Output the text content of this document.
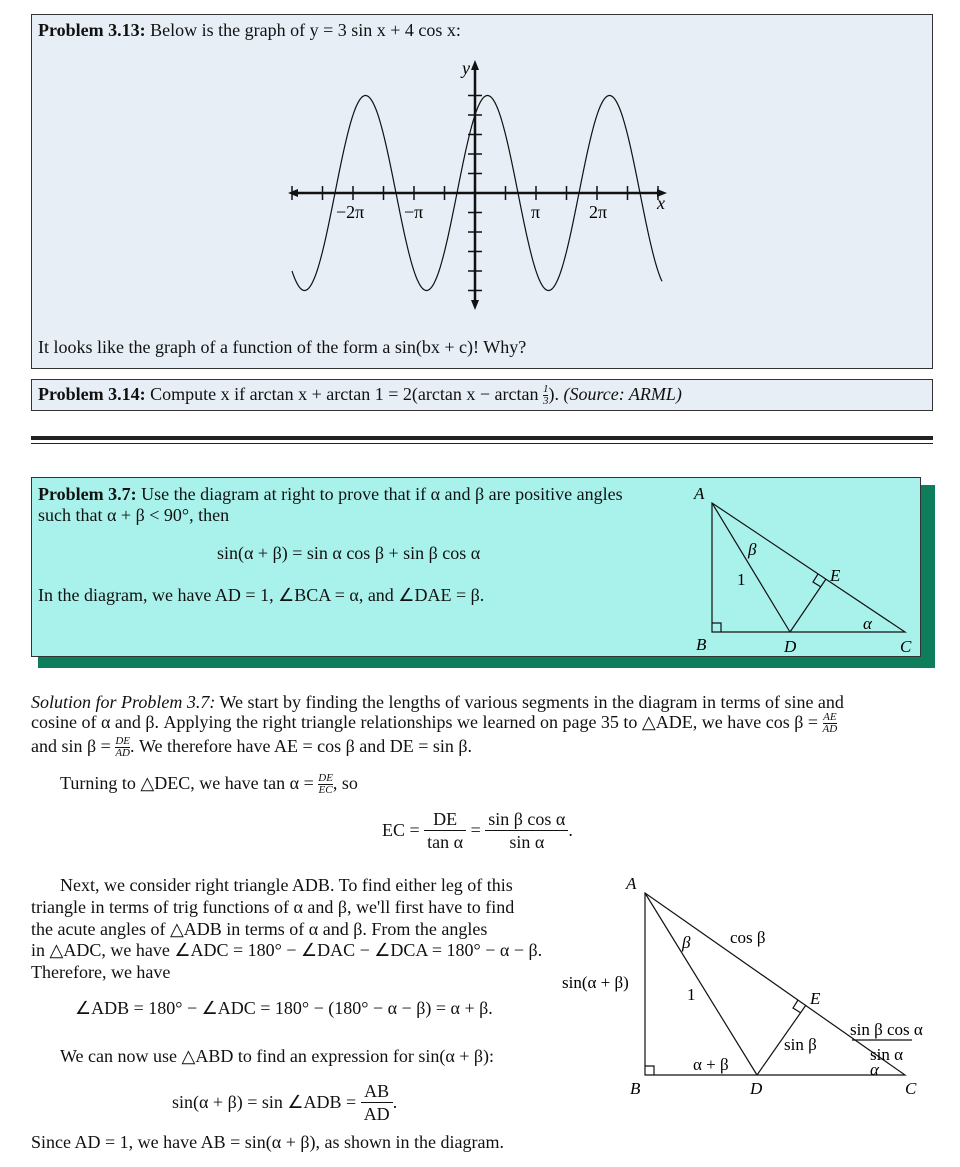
Problem 3.13: Below is the graph of y = 3 sin x + 4 cos x:
x
y
−2π −π	π	2π
It looks like the graph of a function of the form a sin(bx + c)! Why?
Problem 3.14: Compute x if arctan x + arctan 1 = 2(arctan $x - \arctan \frac{1}{3}$ ). (Source: ARML)
Problem 3.7: Use the diagram at right to prove that if α and β are positive angles
such that α + β < 90°, then
sin(α + β) = sin α cos β + sin β cos α
In the diagram, we have AD = 1, ∠BCA = α, and ∠DAE = β.
A
B	D	C
E
β
α
1
Solution for Problem 3.7: We start by finding the lengths of various segments in the diagram in terms of sine and
cosine of α and β. Applying the right triangle relationships we learned on page 35 to △ADE, we have $\cos \beta = \frac{AE}{AD}$
and $\sin \beta = \frac{DE}{AD}$ . We therefore have AE = cos β and DE = sin β.
Turning to △DEC, we have $\tan \alpha = \frac{DE}{EC}$ , so
EC = $\frac{DE}{\text{tan α}} = \frac{\text{sin β cos α}}{\text{sin α}}$ .
Next, we consider right triangle ADB. To find either leg of this
triangle in terms of trig functions of α and β, we'll first have to find
the acute angles of △ADB in terms of α and β. From the angles
in △ADC, we have ∠ADC = 180° − ∠DAC − ∠DCA = 180° − α − β.
Therefore, we have
∠ADB = 180° − ∠ADC = 180° − (180° − α − β) = α + β.
We can now use △ABD to find an expression for sin(α + β):
sin(α + β) = sin ∠ADB = $\frac{AB}{AD}$ .
Since AD = 1, we have AB = sin(α + β), as shown in the diagram.
A
B	D	C
E
β
α
1
cos β
sin β
sin(α + β)
α + β
sin β cos α
sin α
